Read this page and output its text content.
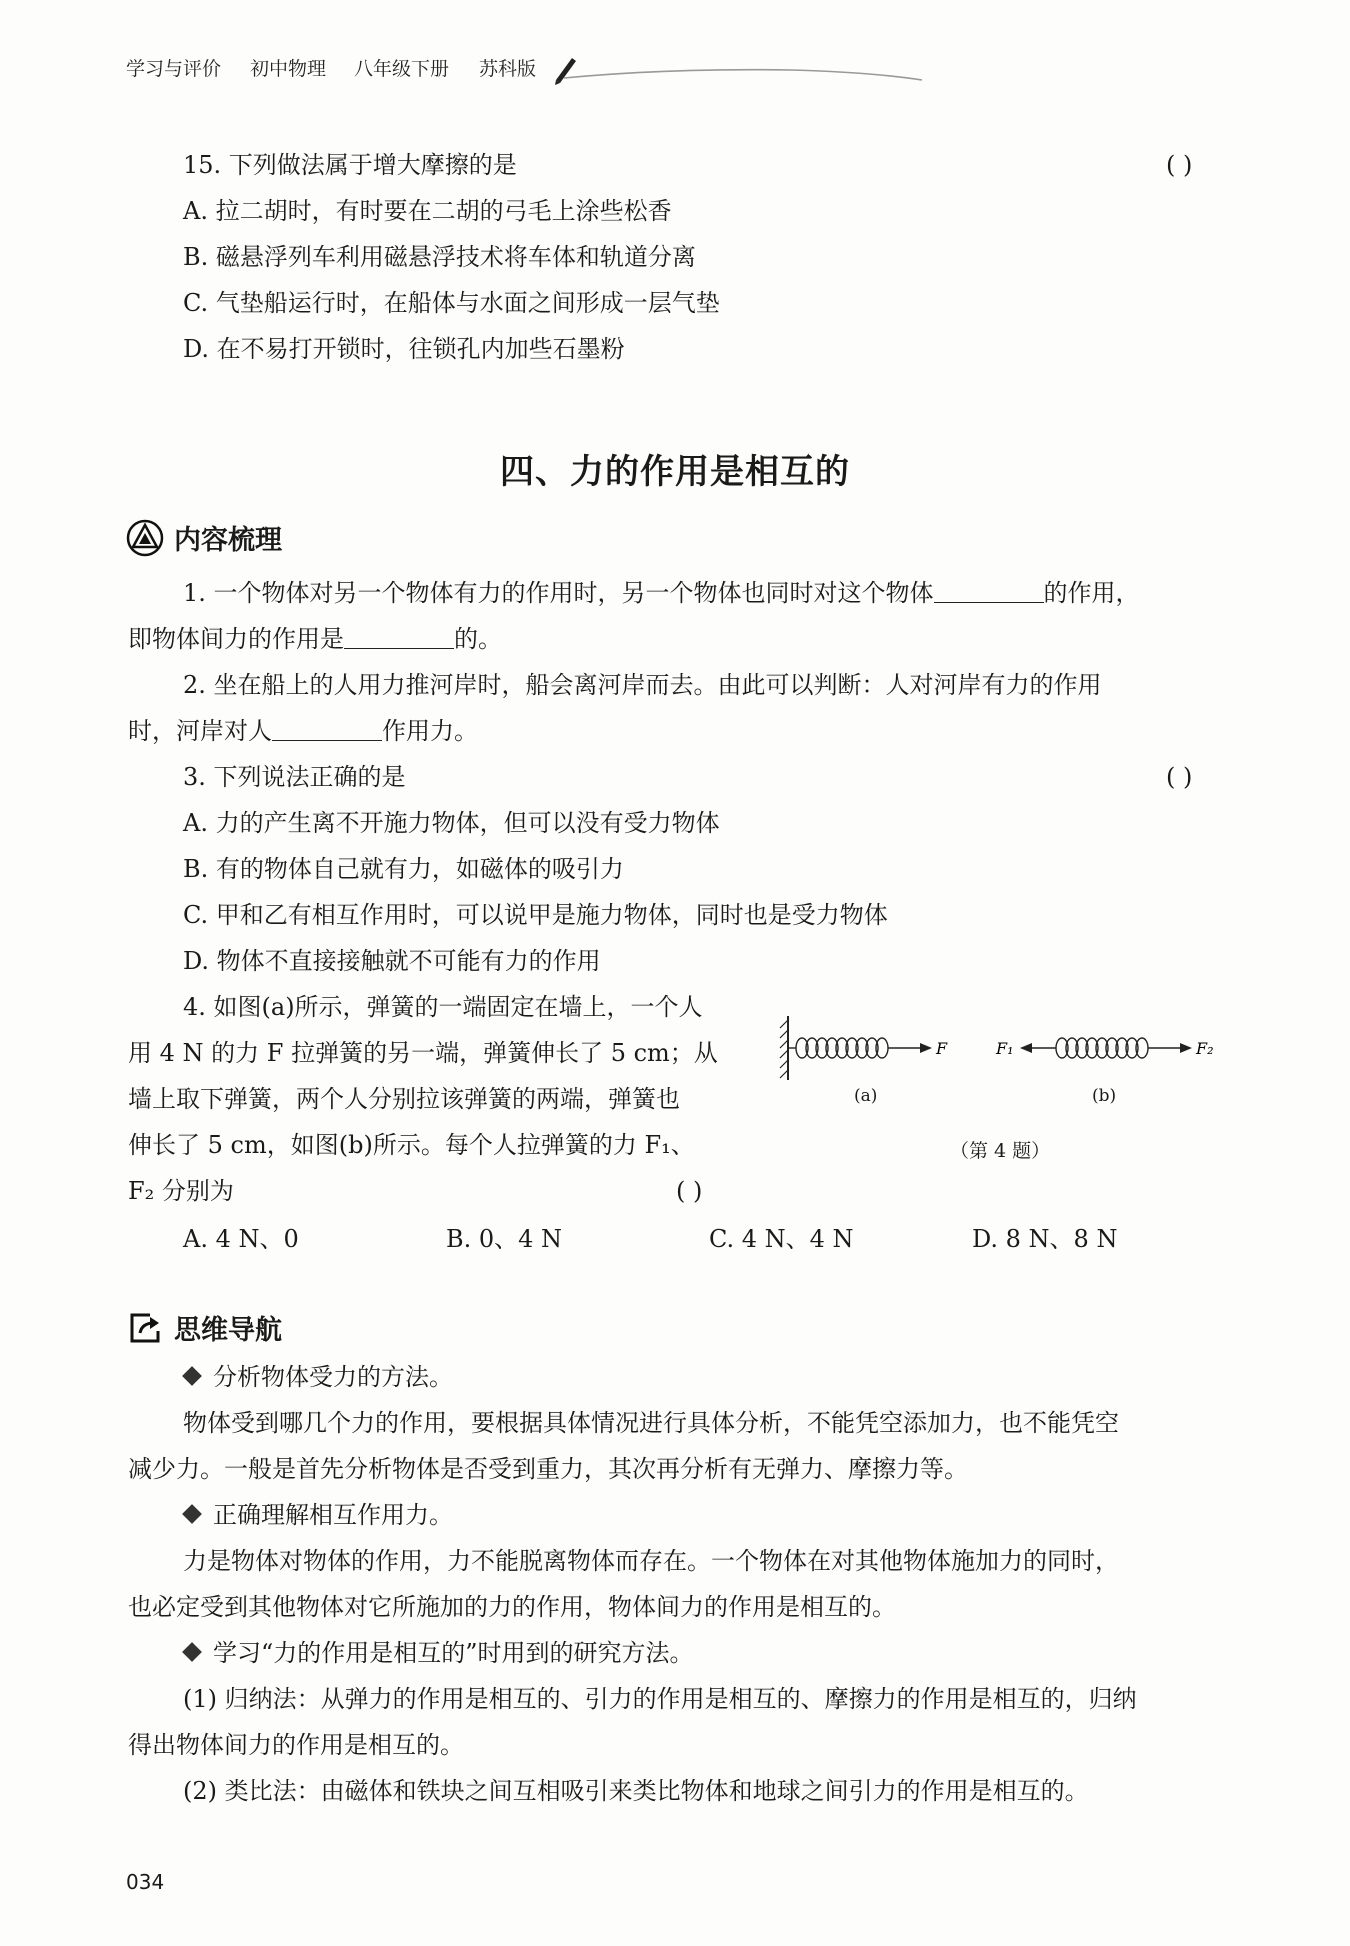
学习与评价 初中物理 八年级下册 苏科版
15. 下列做法属于增大摩擦的是	( )
A. 拉二胡时，有时要在二胡的弓毛上涂些松香
B. 磁悬浮列车利用磁悬浮技术将车体和轨道分离
C. 气垫船运行时，在船体与水面之间形成一层气垫
D. 在不易打开锁时，往锁孔内加些石墨粉
四、力的作用是相互的
内容梳理
1. 一个物体对另一个物体有力的作用时，另一个物体也同时对这个物体	的作用，
即物体间力的作用是	的。
2. 坐在船上的人用力推河岸时，船会离河岸而去。由此可以判断：人对河岸有力的作用
时，河岸对人	作用力。
3. 下列说法正确的是	( )
A. 力的产生离不开施力物体，但可以没有受力物体
B. 有的物体自己就有力，如磁体的吸引力
C. 甲和乙有相互作用时，可以说甲是施力物体，同时也是受力物体
D. 物体不直接接触就不可能有力的作用
4. 如图(a)所示，弹簧的一端固定在墙上，一个人
用 4 N 的力 F 拉弹簧的另一端，弹簧伸长了 5 cm；从
墙上取下弹簧，两个人分别拉该弹簧的两端，弹簧也
伸长了 5 cm，如图(b)所示。每个人拉弹簧的力 F₁、
F₂ 分别为	( )
F	F₁	F₂
(a)	(b)
（第 4 题）
A. 4 N、0	B. 0、4 N	C. 4 N、4 N	D. 8 N、8 N
思维导航
分析物体受力的方法。
物体受到哪几个力的作用，要根据具体情况进行具体分析，不能凭空添加力，也不能凭空
减少力。一般是首先分析物体是否受到重力，其次再分析有无弹力、摩擦力等。
正确理解相互作用力。
力是物体对物体的作用，力不能脱离物体而存在。一个物体在对其他物体施加力的同时，
也必定受到其他物体对它所施加的力的作用，物体间力的作用是相互的。
学习“力的作用是相互的”时用到的研究方法。
(1) 归纳法：从弹力的作用是相互的、引力的作用是相互的、摩擦力的作用是相互的，归纳
得出物体间力的作用是相互的。
(2) 类比法：由磁体和铁块之间互相吸引来类比物体和地球之间引力的作用是相互的。
034
